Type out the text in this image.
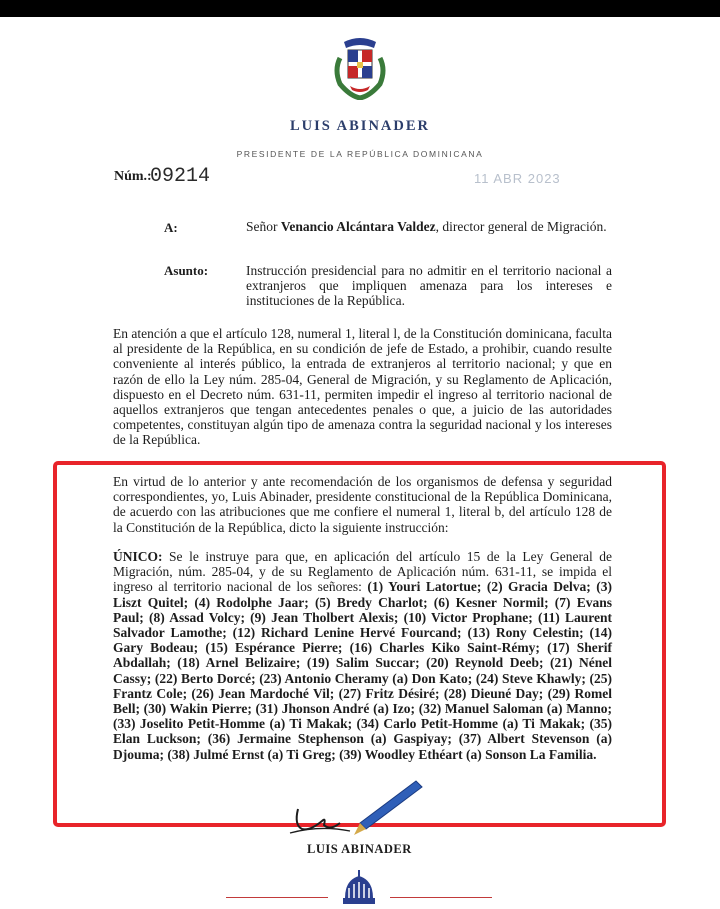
LUIS ABINADER
PRESIDENTE DE LA REPÚBLICA DOMINICANA
Núm.:
09214	11 ABR 2023
A:	Señor Venancio Alcántara Valdez, director general de Migración.
Asunto:	Instrucción presidencial para no admitir en el territorio nacional a extranjeros que impliquen amenaza para los intereses e instituciones de la República.
En atención a que el artículo 128, numeral 1, literal l, de la Constitución dominicana, faculta al presidente de la República, en su condición de jefe de Estado, a prohibir, cuando resulte conveniente al interés público, la entrada de extranjeros al territorio nacional; y que en razón de ello la Ley núm. 285-04, General de Migración, y su Reglamento de Aplicación, dispuesto en el Decreto núm. 631-11, permiten impedir el ingreso al territorio nacional de aquellos extranjeros que tengan antecedentes penales o que, a juicio de las autoridades competentes, constituyan algún tipo de amenaza contra la seguridad nacional y los intereses de la República.
En virtud de lo anterior y ante recomendación de los organismos de defensa y seguridad correspondientes, yo, Luis Abinader, presidente constitucional de la República Dominicana, de acuerdo con las atribuciones que me confiere el numeral 1, literal b, del artículo 128 de la Constitución de la República, dicto la siguiente instrucción:
ÚNICO: Se le instruye para que, en aplicación del artículo 15 de la Ley General de Migración, núm. 285-04, y de su Reglamento de Aplicación núm. 631-11, se impida el ingreso al territorio nacional de los señores: (1) Youri Latortue; (2) Gracia Delva; (3) Liszt Quitel; (4) Rodolphe Jaar; (5) Bredy Charlot; (6) Kesner Normil; (7) Evans Paul; (8) Assad Volcy; (9) Jean Tholbert Alexis; (10) Victor Prophane; (11) Laurent Salvador Lamothe; (12) Richard Lenine Hervé Fourcand; (13) Rony Celestin; (14) Gary Bodeau; (15) Espérance Pierre; (16) Charles Kiko Saint-Rémy; (17) Sherif Abdallah; (18) Arnel Belizaire; (19) Salim Succar; (20) Reynold Deeb; (21) Nénel Cassy; (22) Berto Dorcé; (23) Antonio Cheramy (a) Don Kato; (24) Steve Khawly; (25) Frantz Cole; (26) Jean Mardoché Vil; (27) Fritz Désiré; (28) Dieuné Day; (29) Romel Bell; (30) Wakin Pierre; (31) Jhonson André (a) Izo; (32) Manuel Saloman (a) Manno; (33) Joselito Petit-Homme (a) Ti Makak; (34) Carlo Petit-Homme (a) Ti Makak; (35) Elan Luckson; (36) Jermaine Stephenson (a) Gaspiyay; (37) Albert Stevenson (a) Djouma; (38) Julmé Ernst (a) Ti Greg; (39) Woodley Ethéart (a) Sonson La Familia.
LUIS ABINADER
